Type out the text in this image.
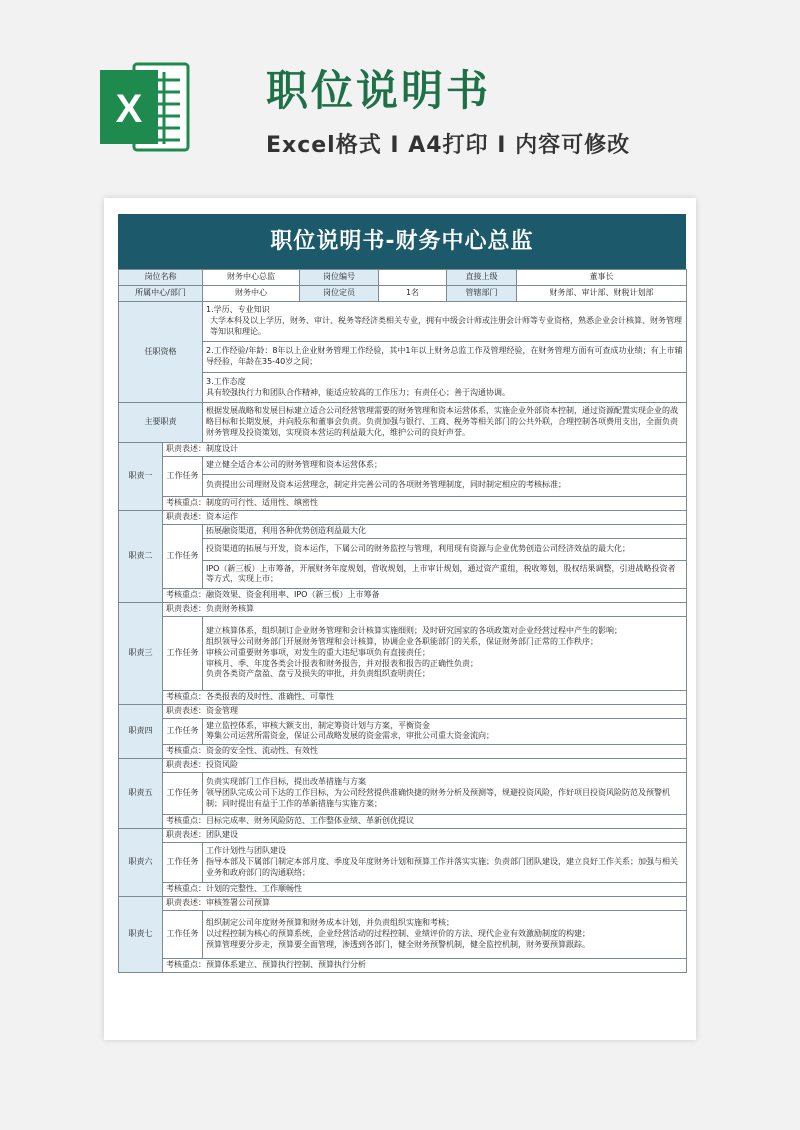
X	职位说明书
Excel格式 Ⅰ A4打印 Ⅰ 内容可修改
职位说明书-财务中心总监
岗位名称		财务中心总监	岗位编号		直接上级	董事长
所属中心/部门		财务中心	岗位定员	1名	管辖部门	财务部、审计部、财税计划部
任职资格		1.学历、专业知识
大学本科及以上学历，财务、审计、税务等经济类相关专业，拥有中级会计师或注册会计师等专业资格，熟悉企业会计核算、财务管理等知识和理论。				

		2.工作经验/年龄：8年以上企业财务管理工作经验，其中1年以上财务总监工作及管理经验，在财务管理方面有可查成功业绩；有上市辅导经验，年龄在35-40岁之间；				

		3.工作态度
具有较强执行力和团队合作精神，能适应较高的工作压力；有责任心；善于沟通协调。				

主要职责		根据发展战略和发展目标建立适合公司经营管理需要的财务管理和资本运营体系，实施企业外部资本控制，通过资源配置实现企业的战略目标和长期发展，并向股东和董事会负责。负责加强与银行、工商、税务等相关部门的公共外联，合理控制各项费用支出，全面负责财务管理及投资策划，实现资本营运的利益最大化，维护公司的良好声誉。				
职责一	职责表述：制度设计					
	工作任务	建立健全适合本公司的财务管理和资本运营体系；				
		负责提出公司理财及资本运营理念，制定并完善公司的各项财务管理制度，同时制定相应的考核标准；				
	考核重点：制度的可行性、适用性、缜密性					
职责二	职责表述：资本运作					
	工作任务	拓展融资渠道，利用各种优势创造利益最大化				
		投资渠道的拓展与开发，资本运作，下属公司的财务监控与管理，利用现有资源与企业优势创造公司经济效益的最大化；				
		IPO（新三板）上市筹备，开展财务年度规划，营收规划，上市审计规划，通过资产重组，税收筹划，股权结果调整，引进战略投资者等方式，实现上市；				
	考核重点：融资效果、资金利用率、IPO（新三板）上市筹备					
职责三	职责表述：负责财务核算					
	工作任务	建立核算体系，组织制订企业财务管理和会计核算实施细则；及时研究国家的各项政策对企业经营过程中产生的影响；
组织领导公司财务部门开展财务管理和会计核算，协调企业各职能部门的关系，保证财务部门正常的工作秩序；
审核公司重要财务事项，对发生的重大违纪事项负有直接责任；
审核月、季、年度各类会计报表和财务报告，并对报表和报告的正确性负责；
负责各类资产盘盈、盘亏及损失的审批，并负责组织查明责任；				

	考核重点：各类报表的及时性、准确性、可靠性					
职责四	职责表述：资金管理					
	工作任务	建立监控体系，审核大额支出，制定筹资计划与方案，平衡资金
筹集公司运营所需资金，保证公司战略发展的资金需求，审批公司重大资金流向；				

	考核重点：资金的安全性、流动性、有效性					
职责五	职责表述：投资风险					
	工作任务	负责实现部门工作目标，提出改革措施与方案
领导团队完成公司下达的工作目标，为公司经营提供准确快捷的财务分析及预测等，规避投资风险，作好项目投资风险防范及预警机制；同时提出有益于工作的革新措施与实施方案；				

	考核重点：目标完成率、财务风险防范、工作整体业绩、革新创优提议					
职责六	职责表述：团队建设					
	工作任务	工作计划性与团队建设
指导本部及下属部门制定本部月度、季度及年度财务计划和预算工作并落实实施；负责部门团队建设，建立良好工作关系；加强与相关业务和政府部门的沟通联络；				

	考核重点：计划的完整性、工作顺畅性					
职责七	职责表述：审核签署公司预算					
	工作任务	组织制定公司年度财务预算和财务成本计划，并负责组织实施和考核；
以过程控制为核心的预算系统，企业经营活动的过程控制、业绩评价的方法、现代企业有效激励制度的构建；
预算管理要分步走，预算要全面管理，渗透到各部门，健全财务预警机制，健全监控机制，财务要预算跟踪。				

	考核重点：预算体系建立、预算执行控制、预算执行分析					
